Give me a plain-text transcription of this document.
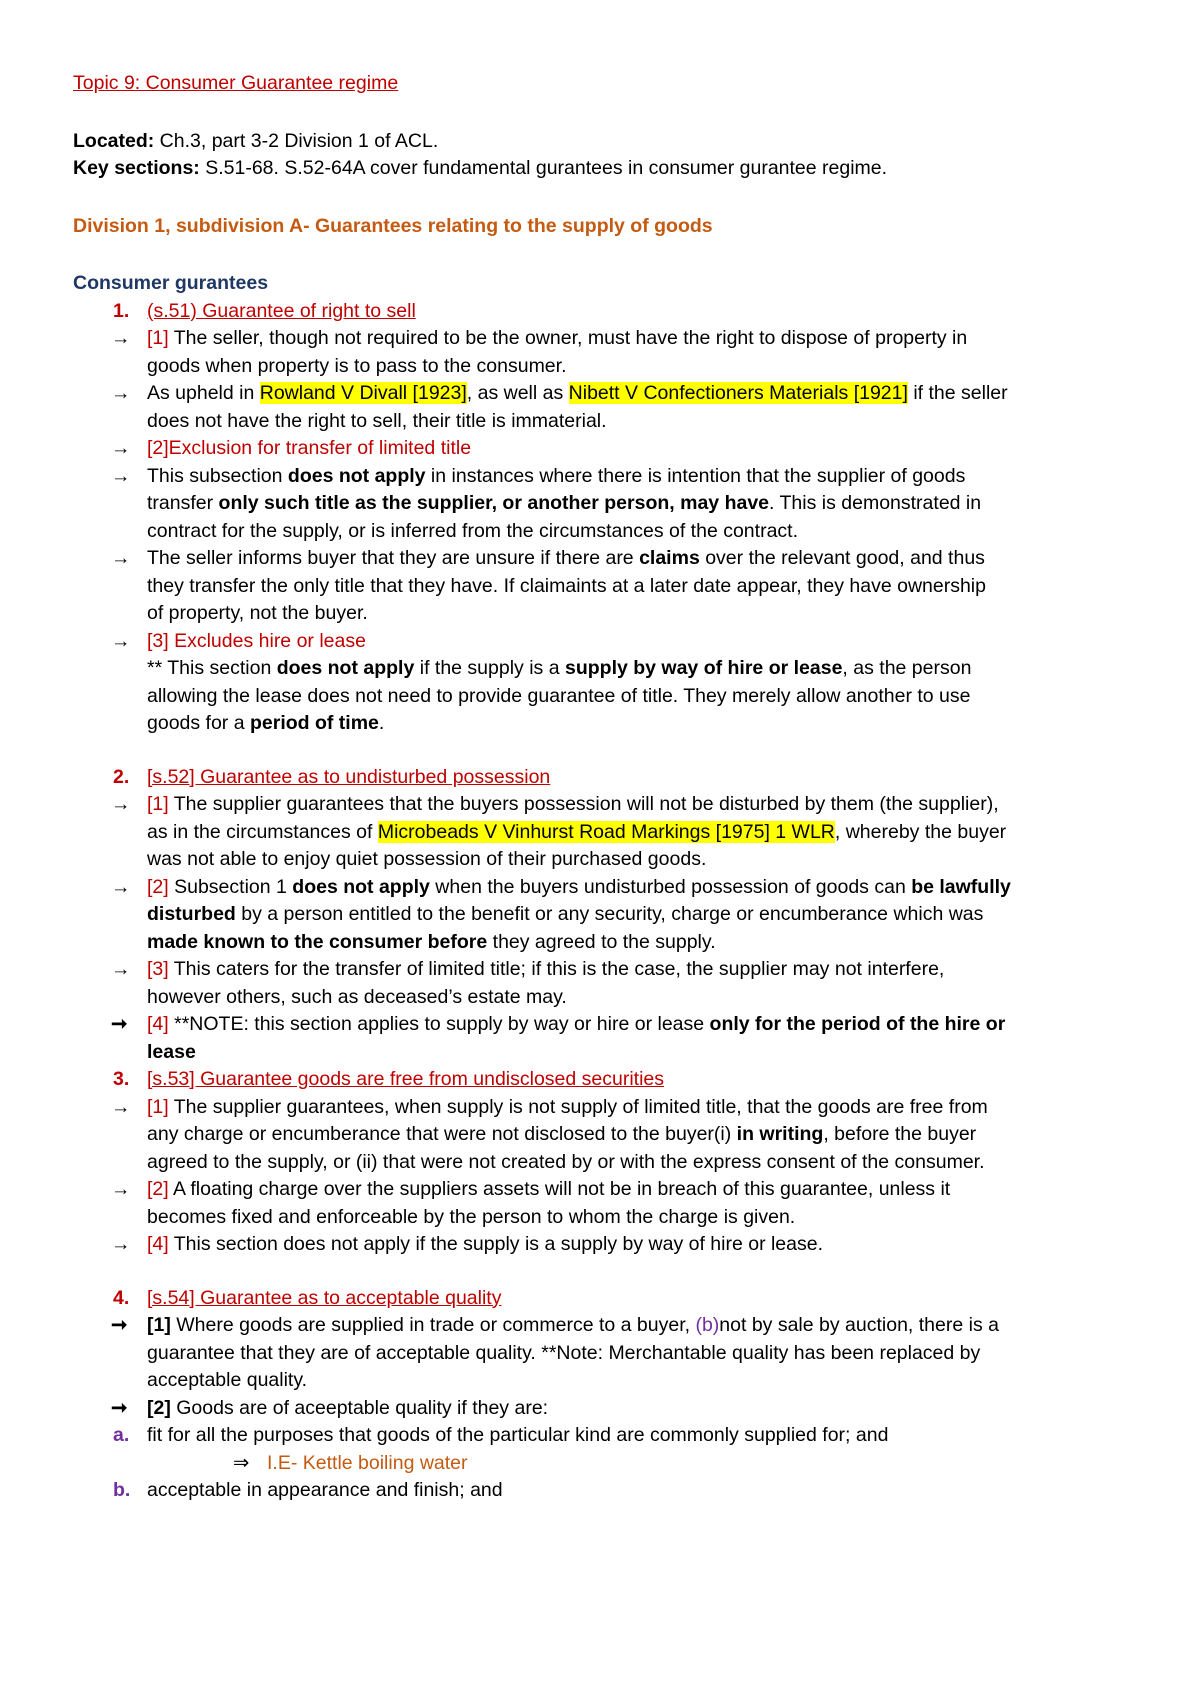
Topic 9: Consumer Guarantee regime

Located: Ch.3, part 3-2 Division 1 of ACL.

Key sections: S.51-68. S.52-64A cover fundamental gurantees in consumer gurantee regime.

Division 1, subdivision A- Guarantees relating to the supply of goods

Consumer gurantees

1. (s.51) Guarantee of right to sell
→ [1] The seller, though not required to be the owner, must have the right to dispose of property in

goods when property is to pass to the consumer.

→ As upheld in Rowland V Divall [1923], as well as Nibett V Confectioners Materials [1921] if the seller

does not have the right to sell, their title is immaterial.

→ [2]Exclusion for transfer of limited title

→ This subsection does not apply in instances where there is intention that the supplier of goods

transfer only such title as the supplier, or another person, may have. This is demonstrated in

contract for the supply, or is inferred from the circumstances of the contract.

→ The seller informs buyer that they are unsure if there are claims over the relevant good, and thus

they transfer the only title that they have. If claimaints at a later date appear, they have ownership

of property, not the buyer.

→ [3] Excludes hire or lease

** This section does not apply if the supply is a supply by way of hire or lease, as the person

allowing the lease does not need to provide guarantee of title. They merely allow another to use

goods for a period of time.

2. [s.52] Guarantee as to undisturbed possession
→ [1] The supplier guarantees that the buyers possession will not be disturbed by them (the supplier),

as in the circumstances of Microbeads V Vinhurst Road Markings [1975] 1 WLR, whereby the buyer

was not able to enjoy quiet possession of their purchased goods.

→ [2] Subsection 1 does not apply when the buyers undisturbed possession of goods can be lawfully

disturbed by a person entitled to the benefit or any security, charge or encumberance which was

made known to the consumer before they agreed to the supply.

→ [3] This caters for the transfer of limited title; if this is the case, the supplier may not interfere,

however others, such as deceased’s estate may.

➞	[4] **NOTE: this section applies to supply by way or hire or lease only for the period of the hire or

lease

3. [s.53] Guarantee goods are free from undisclosed securities
→ [1] The supplier guarantees, when supply is not supply of limited title, that the goods are free from

any charge or encumberance that were not disclosed to the buyer(i) in writing, before the buyer

agreed to the supply, or (ii) that were not created by or with the express consent of the consumer.

→ [2] A floating charge over the suppliers assets will not be in breach of this guarantee, unless it

becomes fixed and enforceable by the person to whom the charge is given.

→ [4] This section does not apply if the supply is a supply by way of hire or lease.

4. [s.54] Guarantee as to acceptable quality
➞	[1] Where goods are supplied in trade or commerce to a buyer, (b)not by sale by auction, there is a

guarantee that they are of acceptable quality. **Note: Merchantable quality has been replaced by

acceptable quality.

➞	[2] Goods are of aceeptable quality if they are:

a. fit for all the purposes that goods of the particular kind are commonly supplied for; and

⇒ I.E- Kettle boiling water

b. acceptable in appearance and finish; and
